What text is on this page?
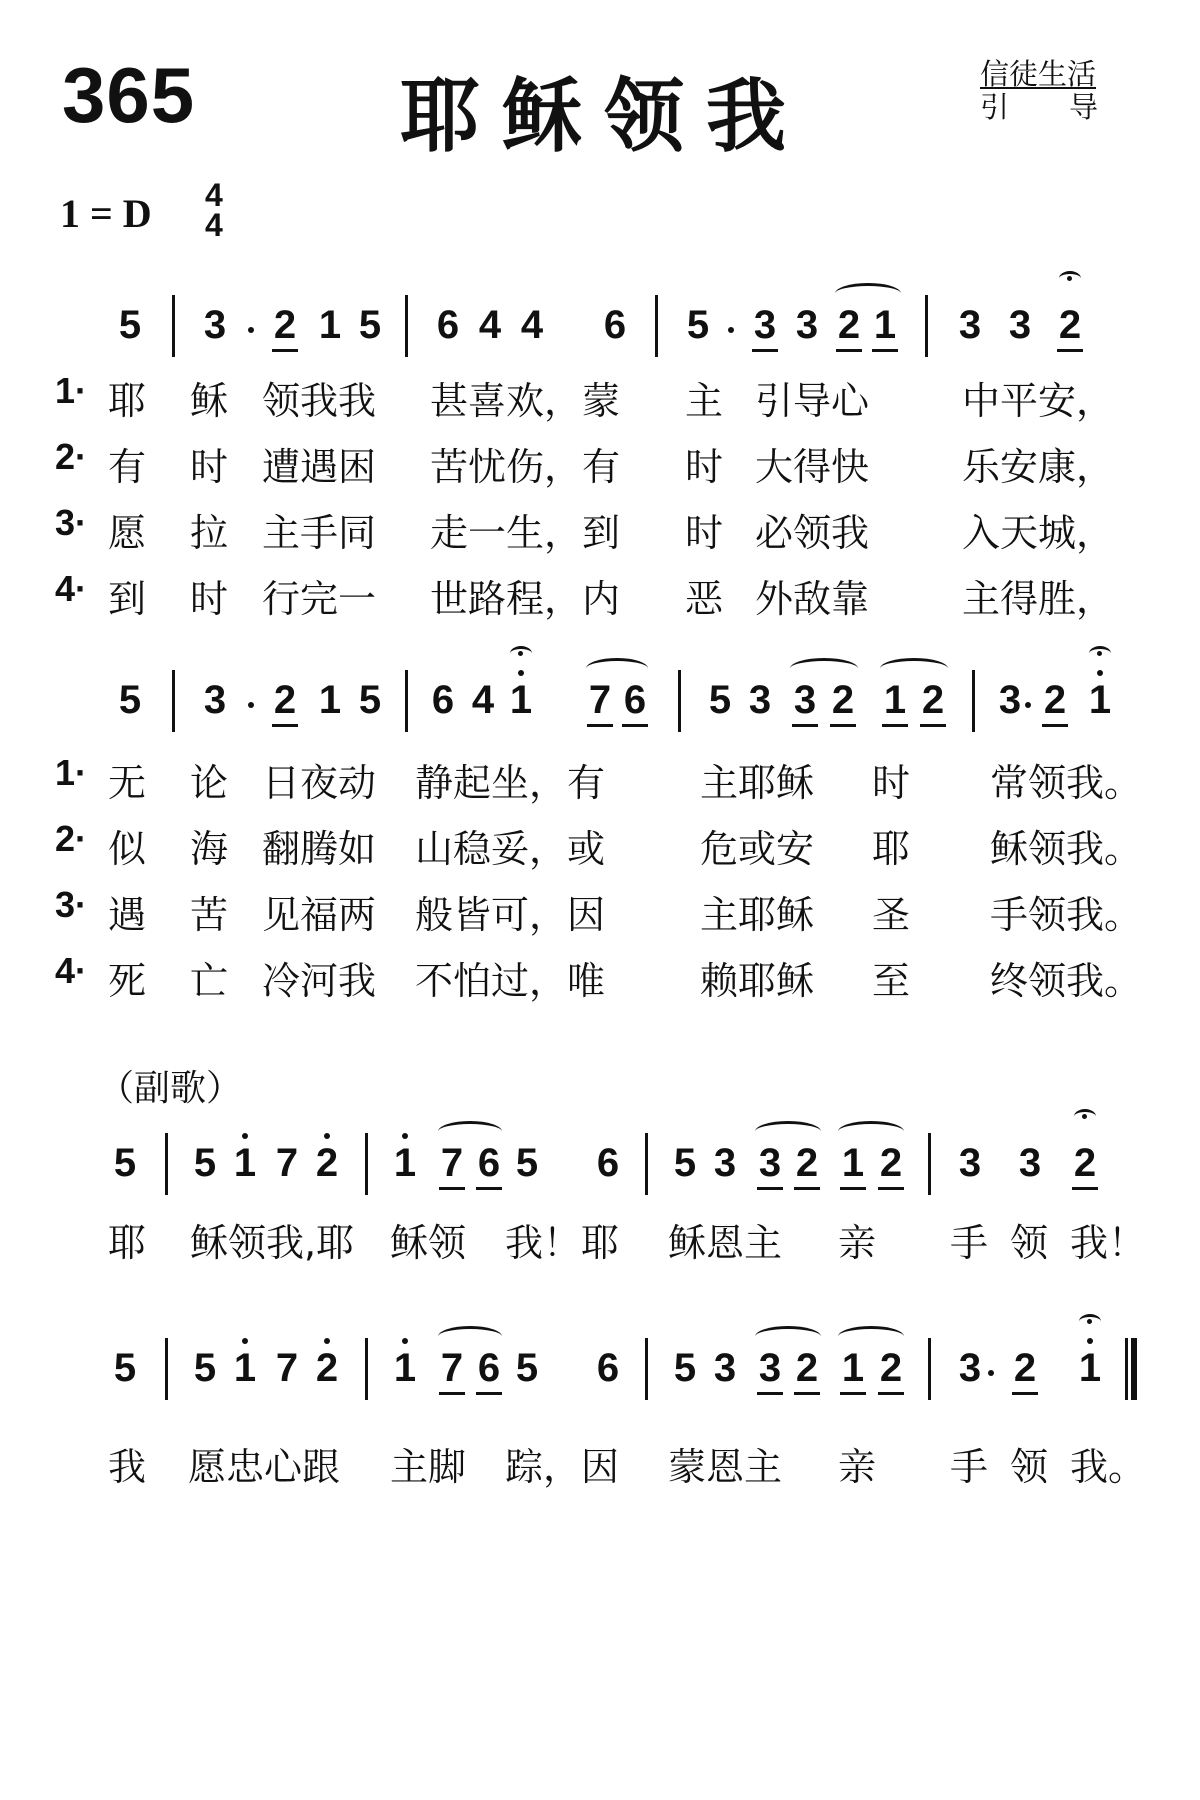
365	耶稣领我	信徒生活
引导
1 = D 4
4
5 3 2 1 5 6 4 4 6 5 3 3 2 1 3 3 2
1· 耶 稣 领我我 甚喜欢，蒙 主 引导心 中平安，
2· 有 时 遭遇困 苦忧伤，有 时 大得快 乐安康，
3· 愿 拉 主手同 走一生，到 时 必领我 入天城，
4· 到 时 行完一 世路程，内 恶 外敌靠 主得胜，
5 3 2 1 5 6 4 1 7 6 5 3 3 2 1 2 3 2 1
1· 无 论 日夜动 静起坐，有 主耶稣 时 常领我。
2· 似 海 翻腾如 山稳妥，或 危或安 耶 稣领我。
3· 遇 苦 见福两 般皆可，因 主耶稣 圣 手领我。
4· 死 亡 冷河我 不怕过，唯 赖耶稣 至 终领我。
（副歌）
5 5 1 7 2 1 7 6 5 6 5 3 3 2 1 2 3 3 2
耶 稣领我,耶 稣领 我！耶 稣恩主 亲 手 领 我！
5 5 1 7 2 1 7 6 5 6 5 3 3 2 1 2 3 2 1
我 愿忠心跟 主脚 踪，因 蒙恩主 亲 手 领 我。
